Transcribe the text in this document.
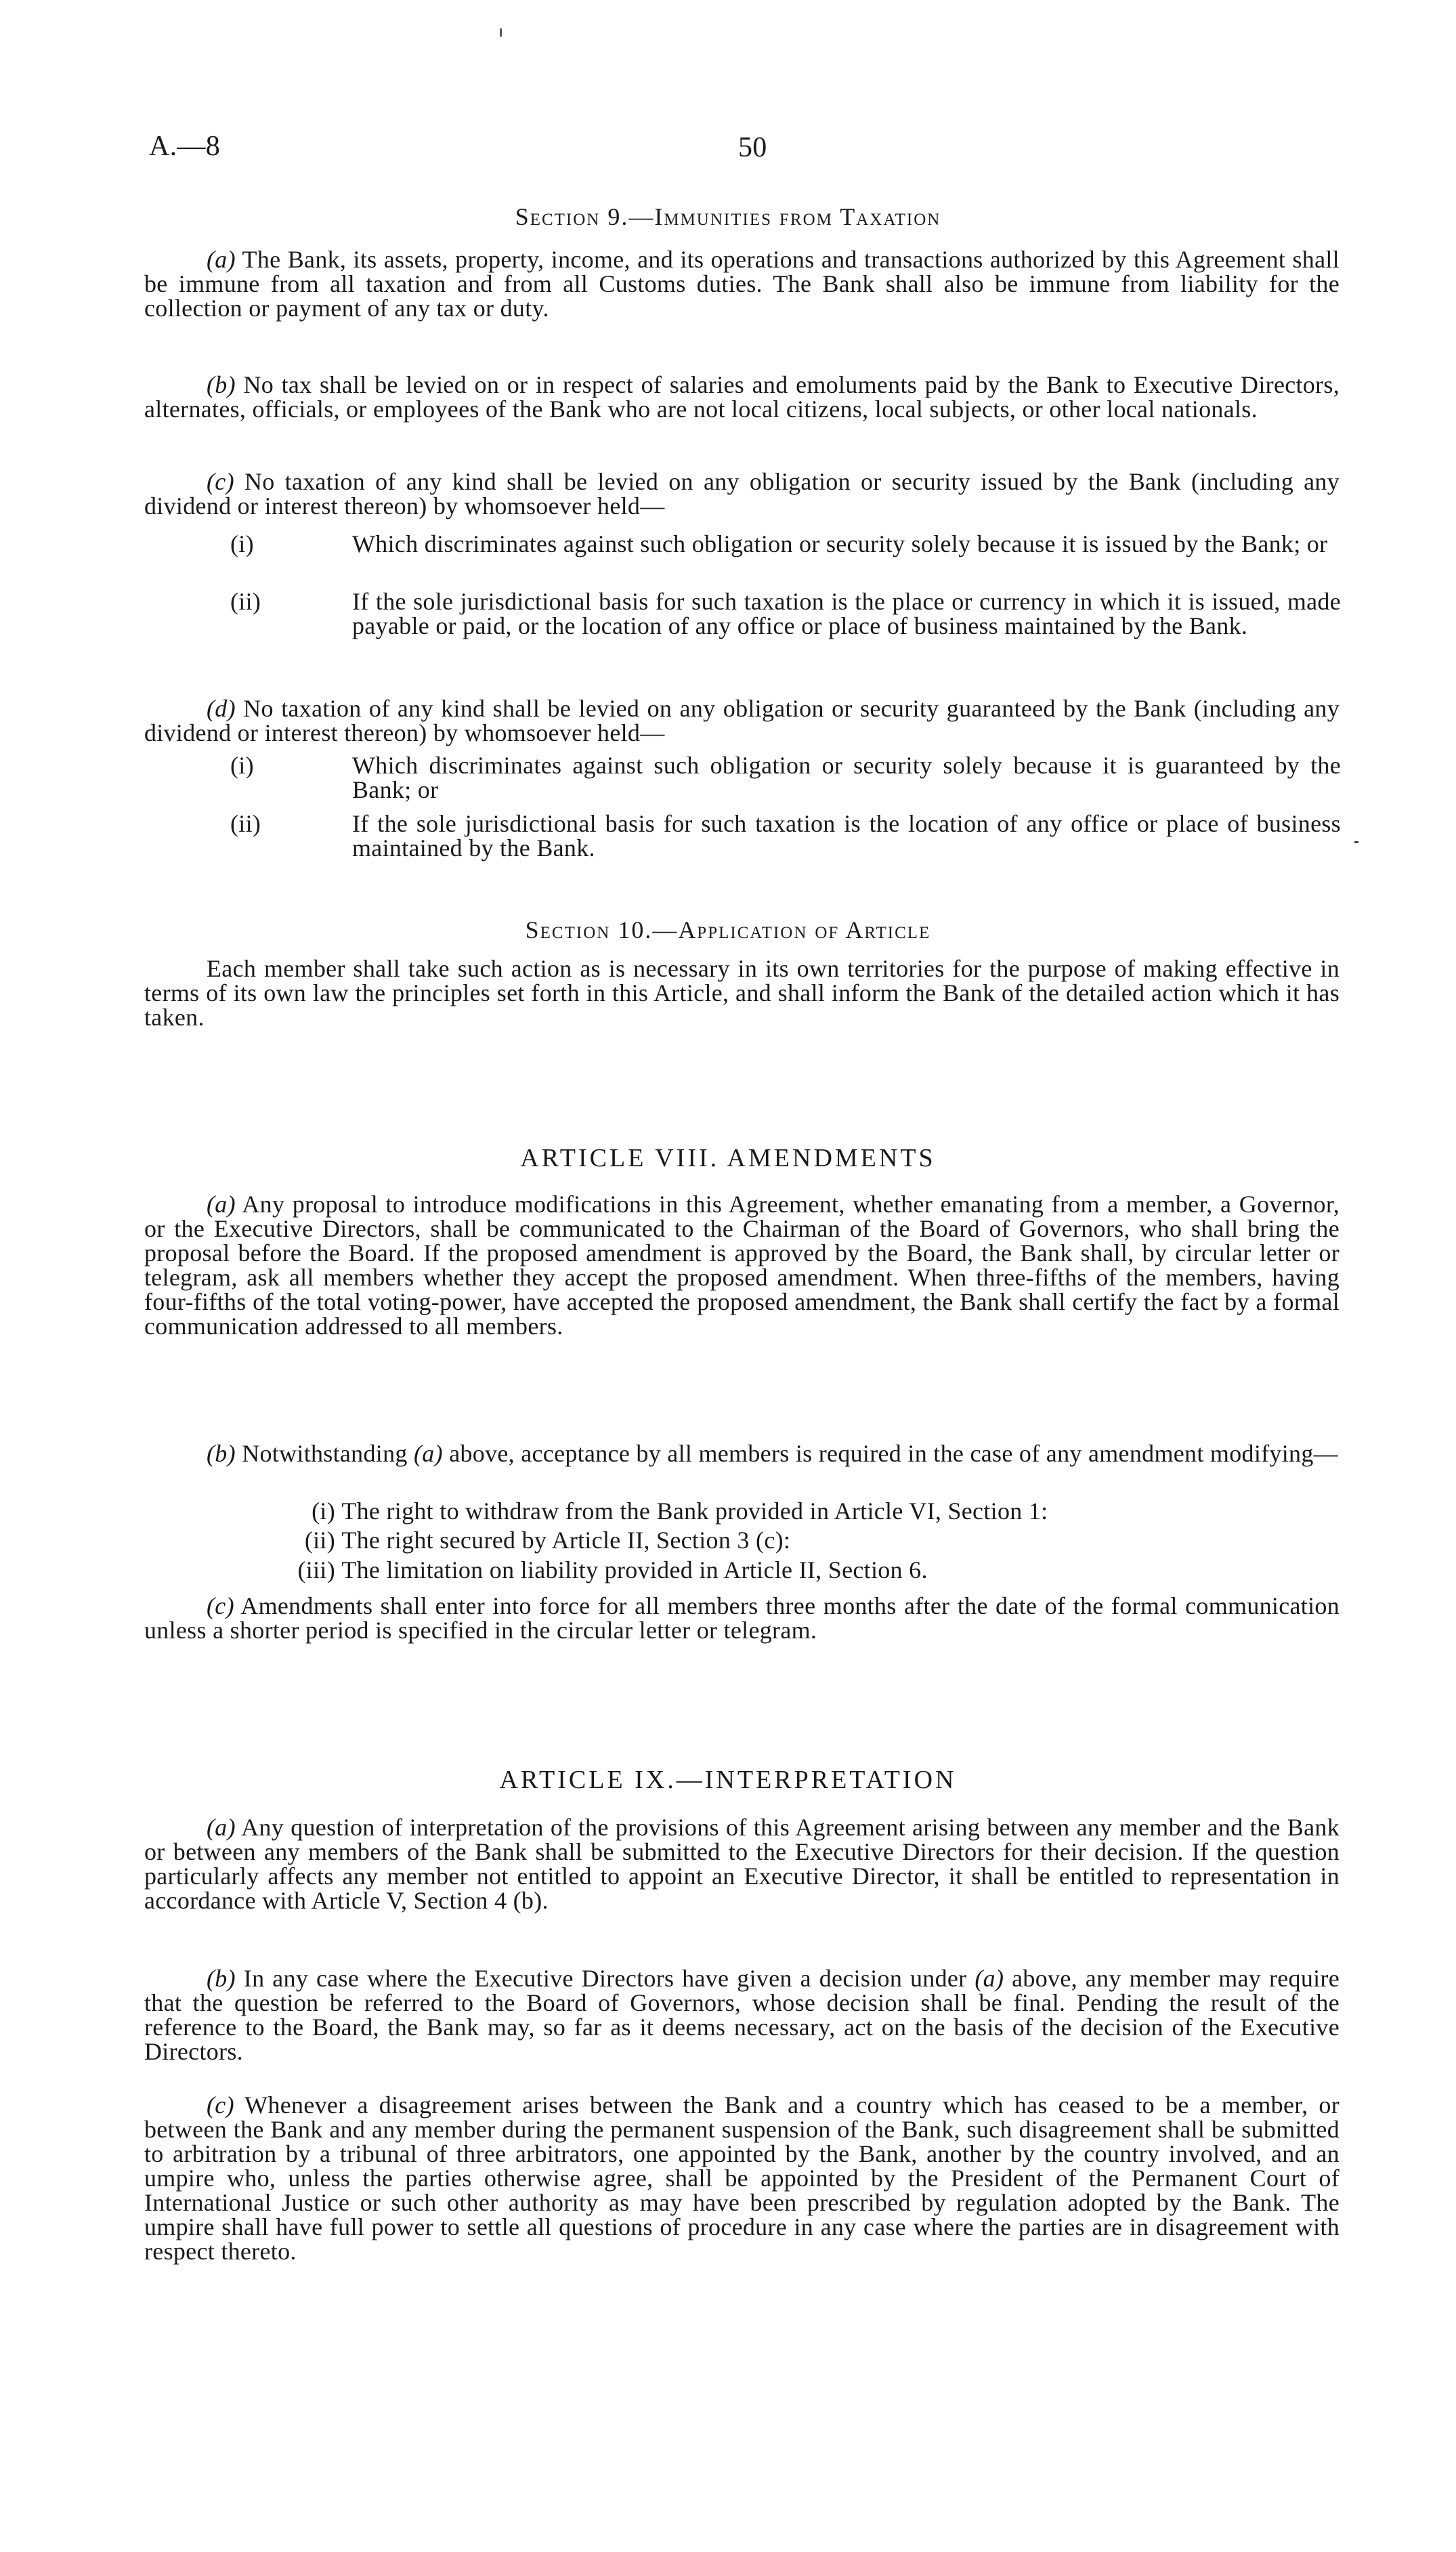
A.—8	50
Section 9.—Immunities from Taxation
(a) The Bank, its assets, property, income, and its operations and transactions authorized by this Agreement shall be immune from all taxation and from all Customs duties. The Bank shall also be immune from liability for the collection or payment of any tax or duty.
(b) No tax shall be levied on or in respect of salaries and emoluments paid by the Bank to Executive Directors, alternates, officials, or employees of the Bank who are not local citizens, local subjects, or other local nationals.
(c) No taxation of any kind shall be levied on any obligation or security issued by the Bank (including any dividend or interest thereon) by whomsoever held—
(i)	Which discriminates against such obligation or security solely because it is issued by the Bank; or
(ii)	If the sole jurisdictional basis for such taxation is the place or currency in which it is issued, made payable or paid, or the location of any office or place of business maintained by the Bank.
(d) No taxation of any kind shall be levied on any obligation or security guaranteed by the Bank (including any dividend or interest thereon) by whomsoever held—
(i)	Which discriminates against such obligation or security solely because it is guaranteed by the Bank; or
(ii)	If the sole jurisdictional basis for such taxation is the location of any office or place of business maintained by the Bank.
Section 10.—Application of Article
Each member shall take such action as is necessary in its own territories for the purpose of making effective in terms of its own law the principles set forth in this Article, and shall inform the Bank of the detailed action which it has taken.
ARTICLE VIII. AMENDMENTS
(a) Any proposal to introduce modifications in this Agreement, whether emanating from a member, a Governor, or the Executive Directors, shall be communicated to the Chairman of the Board of Governors, who shall bring the proposal before the Board. If the proposed amendment is approved by the Board, the Bank shall, by circular letter or telegram, ask all members whether they accept the proposed amendment. When three-fifths of the members, having four-fifths of the total voting-power, have accepted the proposed amendment, the Bank shall certify the fact by a formal communication addressed to all members.
(b) Notwithstanding (a) above, acceptance by all members is required in the case of any amendment modifying—
(i) The right to withdraw from the Bank provided in Article VI, Section 1:
(ii) The right secured by Article II, Section 3 (c):
(iii) The limitation on liability provided in Article II, Section 6.
(c) Amendments shall enter into force for all members three months after the date of the formal communication unless a shorter period is specified in the circular letter or telegram.
ARTICLE IX.—INTERPRETATION
(a) Any question of interpretation of the provisions of this Agreement arising between any member and the Bank or between any members of the Bank shall be submitted to the Executive Directors for their decision. If the question particularly affects any member not entitled to appoint an Executive Director, it shall be entitled to representation in accordance with Article V, Section 4 (b).
(b) In any case where the Executive Directors have given a decision under (a) above, any member may require that the question be referred to the Board of Governors, whose decision shall be final. Pending the result of the reference to the Board, the Bank may, so far as it deems necessary, act on the basis of the decision of the Executive Directors.
(c) Whenever a disagreement arises between the Bank and a country which has ceased to be a member, or between the Bank and any member during the permanent suspension of the Bank, such disagreement shall be submitted to arbitration by a tribunal of three arbitrators, one appointed by the Bank, another by the country involved, and an umpire who, unless the parties otherwise agree, shall be appointed by the President of the Permanent Court of International Justice or such other authority as may have been prescribed by regulation adopted by the Bank. The umpire shall have full power to settle all questions of procedure in any case where the parties are in disagreement with respect thereto.
